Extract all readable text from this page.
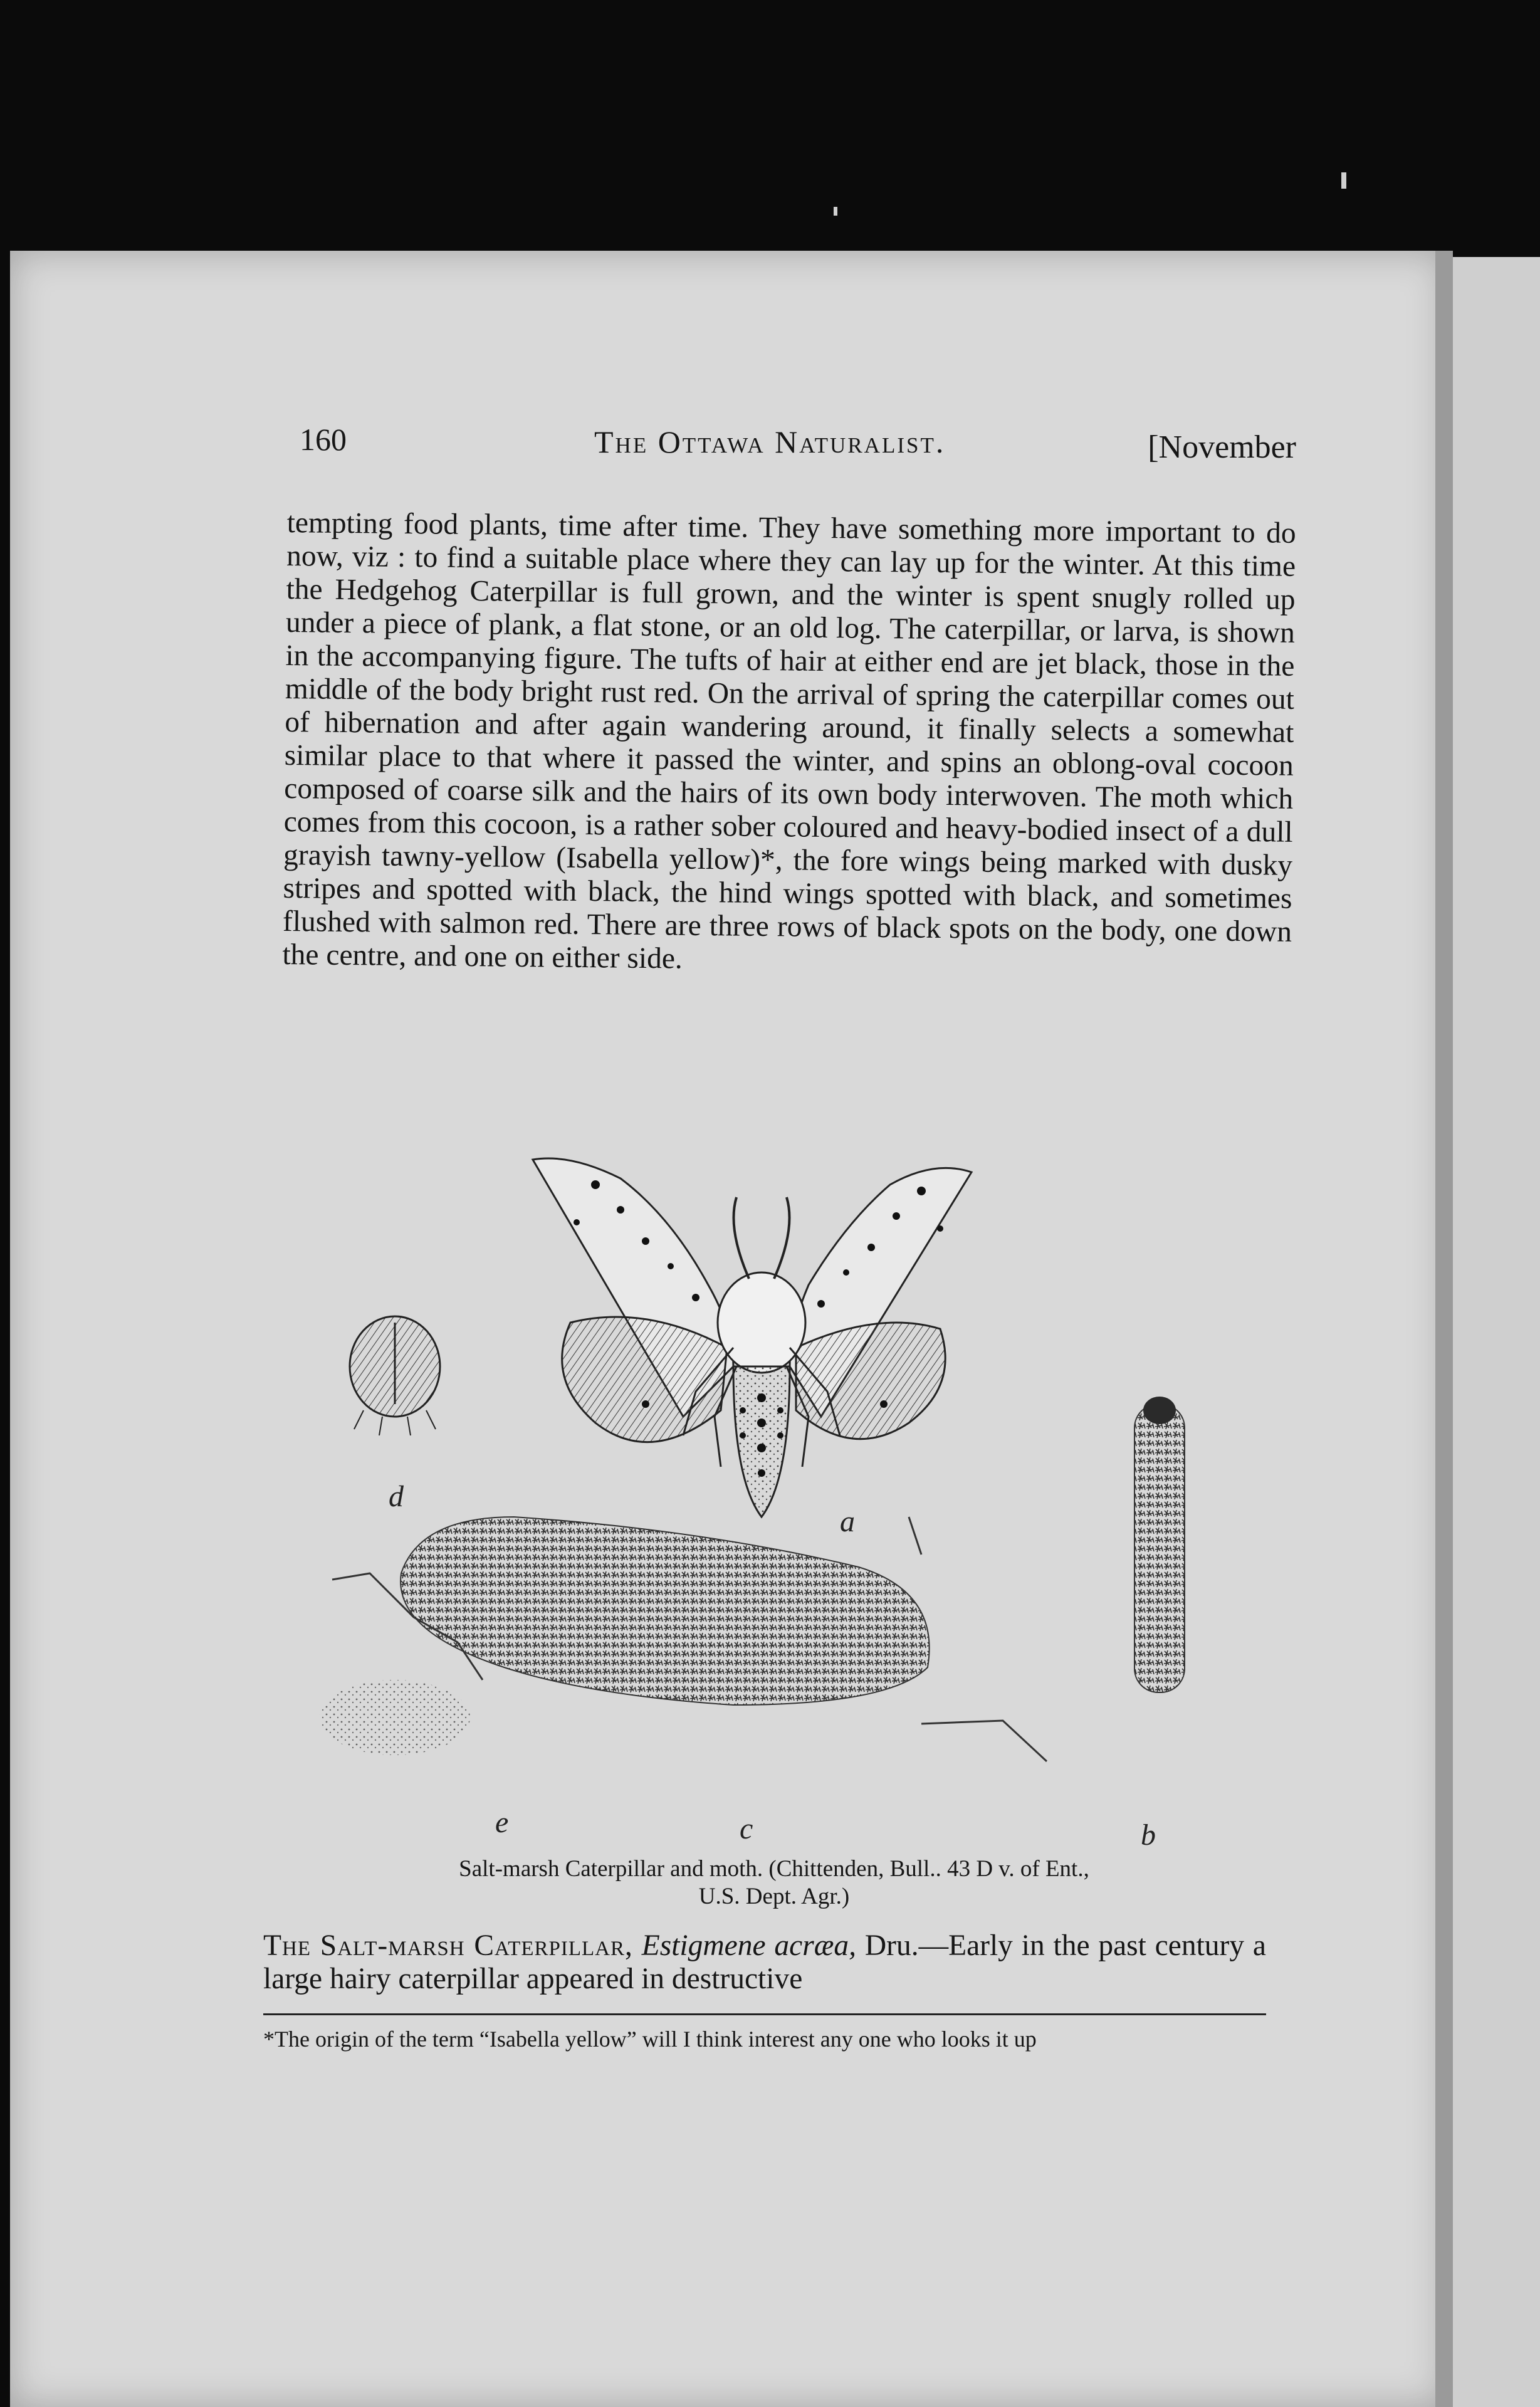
160	The Ottawa Naturalist.	[November
tempting food plants, time after time. They have something more important to do now, viz : to find a suitable place where they can lay up for the winter. At this time the Hedgehog Caterpillar is full grown, and the winter is spent snugly rolled up under a piece of plank, a flat stone, or an old log. The caterpillar, or larva, is shown in the accompanying figure. The tufts of hair at either end are jet black, those in the middle of the body bright rust red. On the arrival of spring the caterpillar comes out of hibernation and after again wandering around, it finally selects a somewhat similar place to that where it passed the winter, and spins an oblong-oval cocoon composed of coarse silk and the hairs of its own body interwoven. The moth which comes from this cocoon, is a rather sober coloured and heavy-bodied insect of a dull grayish tawny-yellow (Isabella yellow)*, the fore wings being marked with dusky stripes and spotted with black, the hind wings spotted with black, and sometimes flushed with salmon red. There are three rows of black spots on the body, one down the centre, and one on either side.
d
a
e	c	b
Salt-marsh Caterpillar and moth. (Chittenden, Bull.. 43 D v. of Ent.,
U.S. Dept. Agr.)
The Salt-marsh Caterpillar, Estigmene acræa, Dru.—Early in the past century a large hairy caterpillar appeared in destructive
*The origin of the term “Isabella yellow” will I think interest any one who looks it up
